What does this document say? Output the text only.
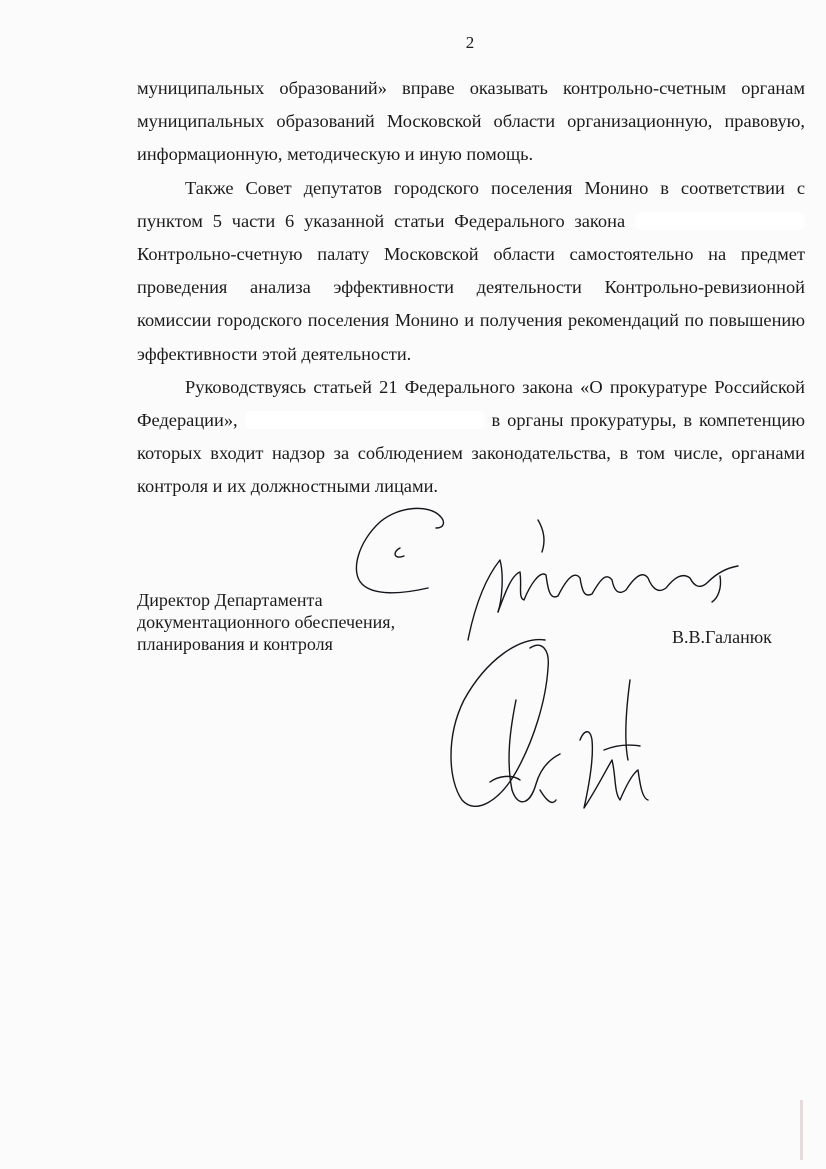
2

муниципальных образований» вправе оказывать контрольно-счетным органам муниципальных образований Московской области организационную, правовую, информационную, методическую и иную помощь.

Также Совет депутатов городского поселения Монино в соответствии с пунктом 5 части 6 указанной статьи Федерального закона  Контрольно-счетную палату Московской области самостоятельно на предмет проведения анализа эффективности деятельности Контрольно-ревизионной комиссии городского поселения Монино и получения рекомендаций по повышению эффективности этой деятельности.

Руководствуясь статьей 21 Федерального закона «О прокуратуре Российской Федерации»,	в органы прокуратуры, в компетенцию которых входит надзор за соблюдением законодательства, в том числе, органами контроля и их должностными лицами.

Директор Департамента
документационного обеспечения,
планирования и контроля	В.В.Галанюк
